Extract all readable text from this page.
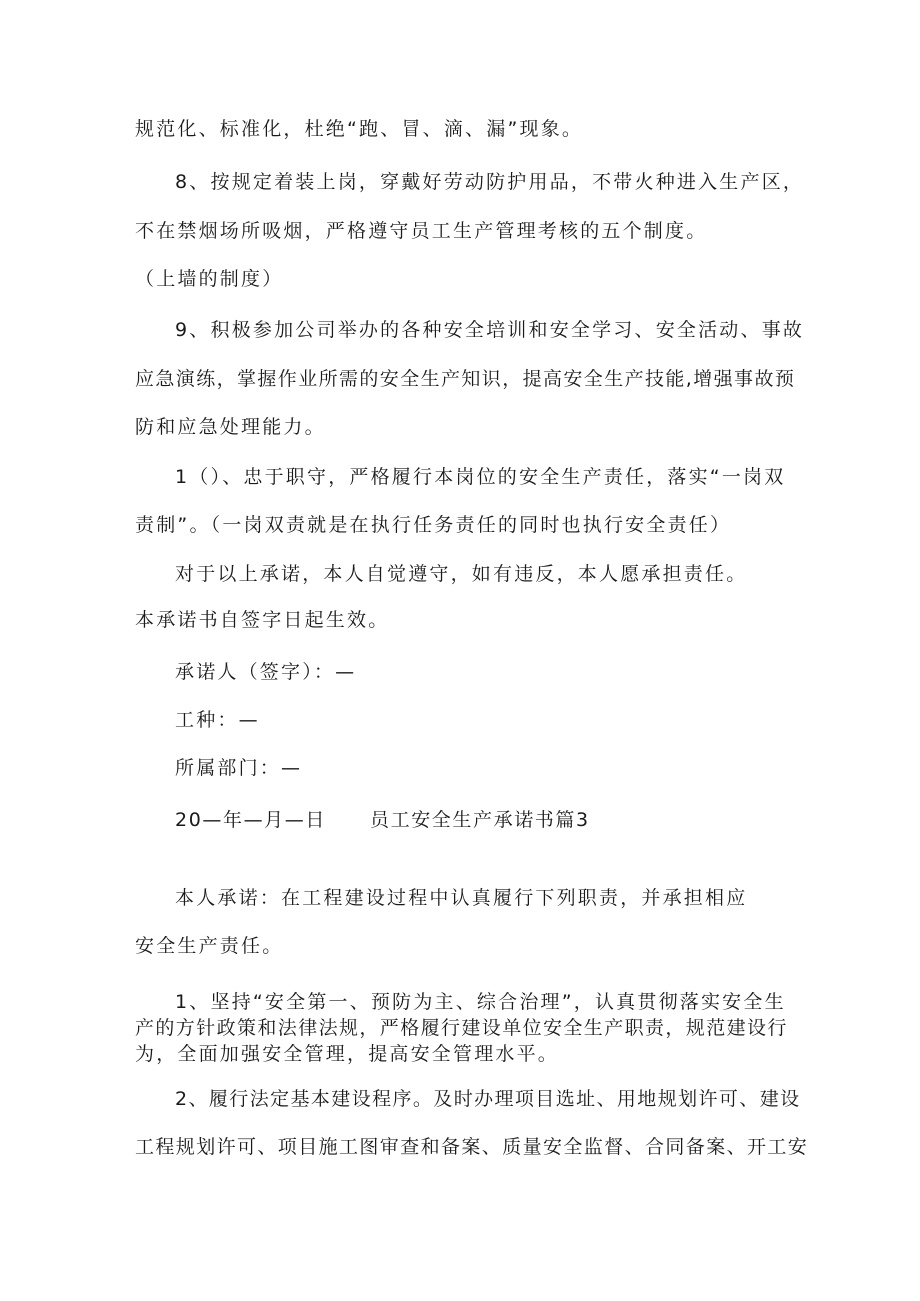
规范化、标准化，杜绝“跑、冒、滴、漏”现象。
8、按规定着装上岗，穿戴好劳动防护用品，不带火种进入生产区，
不在禁烟场所吸烟，严格遵守员工生产管理考核的五个制度。
（上墙的制度）
9、积极参加公司举办的各种安全培训和安全学习、安全活动、事故
应急演练，掌握作业所需的安全生产知识，提高安全生产技能,增强事故预
防和应急处理能力。
1（）、忠于职守，严格履行本岗位的安全生产责任，落实“一岗双
责制”。（一岗双责就是在执行任务责任的同时也执行安全责任）
对于以上承诺，本人自觉遵守，如有违反，本人愿承担责任。
本承诺书自签字日起生效。
承诺人（签字）：—
工种：—
所属部门：—
20—年—月—日 员工安全生产承诺书篇3
本人承诺：在工程建设过程中认真履行下列职责，并承担相应
安全生产责任。
1、坚持“安全第一、预防为主、综合治理”，认真贯彻落实安全生
产的方针政策和法律法规，严格履行建设单位安全生产职责，规范建设行
为，全面加强安全管理，提高安全管理水平。
2、履行法定基本建设程序。及时办理项目选址、用地规划许可、建设
工程规划许可、项目施工图审查和备案、质量安全监督、合同备案、开工安
